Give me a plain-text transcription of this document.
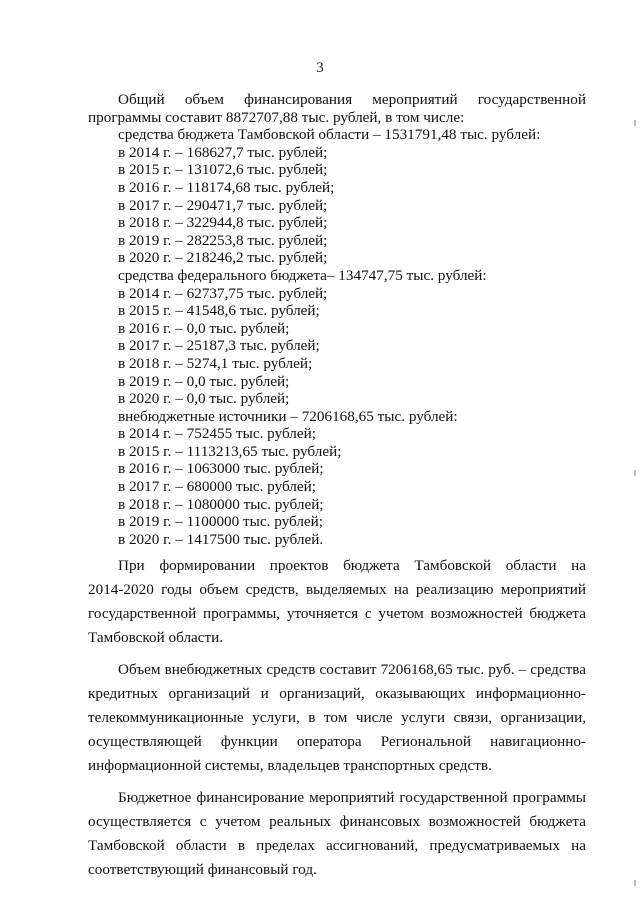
3
Общий объем финансирования мероприятий государственной
программы составит 8872707,88 тыс. рублей, в том числе:
средства бюджета Тамбовской области – 1531791,48 тыс. рублей:
в 2014 г. – 168627,7 тыс. рублей;
в 2015 г. – 131072,6 тыс. рублей;
в 2016 г. – 118174,68 тыс. рублей;
в 2017 г. – 290471,7 тыс. рублей;
в 2018 г. – 322944,8 тыс. рублей;
в 2019 г. – 282253,8 тыс. рублей;
в 2020 г. – 218246,2 тыс. рублей;
средства федерального бюджета– 134747,75 тыс. рублей:
в 2014 г. – 62737,75 тыс. рублей;
в 2015 г. – 41548,6 тыс. рублей;
в 2016 г. – 0,0 тыс. рублей;
в 2017 г. – 25187,3 тыс. рублей;
в 2018 г. – 5274,1 тыс. рублей;
в 2019 г. – 0,0 тыс. рублей;
в 2020 г. – 0,0 тыс. рублей;
внебюджетные источники – 7206168,65 тыс. рублей:
в 2014 г. – 752455 тыс. рублей;
в 2015 г. – 1113213,65 тыс. рублей;
в 2016 г. – 1063000 тыс. рублей;
в 2017 г. – 680000 тыс. рублей;
в 2018 г. – 1080000 тыс. рублей;
в 2019 г. – 1100000 тыс. рублей;
в 2020 г. – 1417500 тыс. рублей.
При формировании проектов бюджета Тамбовской области на
2014-2020 годы объем средств, выделяемых на реализацию мероприятий
государственной программы, уточняется с учетом возможностей бюджета
Тамбовской области.
Объем внебюджетных средств составит 7206168,65 тыс. руб. – средства
кредитных организаций и организаций, оказывающих информационно-
телекоммуникационные услуги, в том числе услуги связи, организации,
осуществляющей функции оператора Региональной навигационно-
информационной системы, владельцев транспортных средств.
Бюджетное финансирование мероприятий государственной программы
осуществляется с учетом реальных финансовых возможностей бюджета
Тамбовской области в пределах ассигнований, предусматриваемых на
соответствующий финансовый год.
